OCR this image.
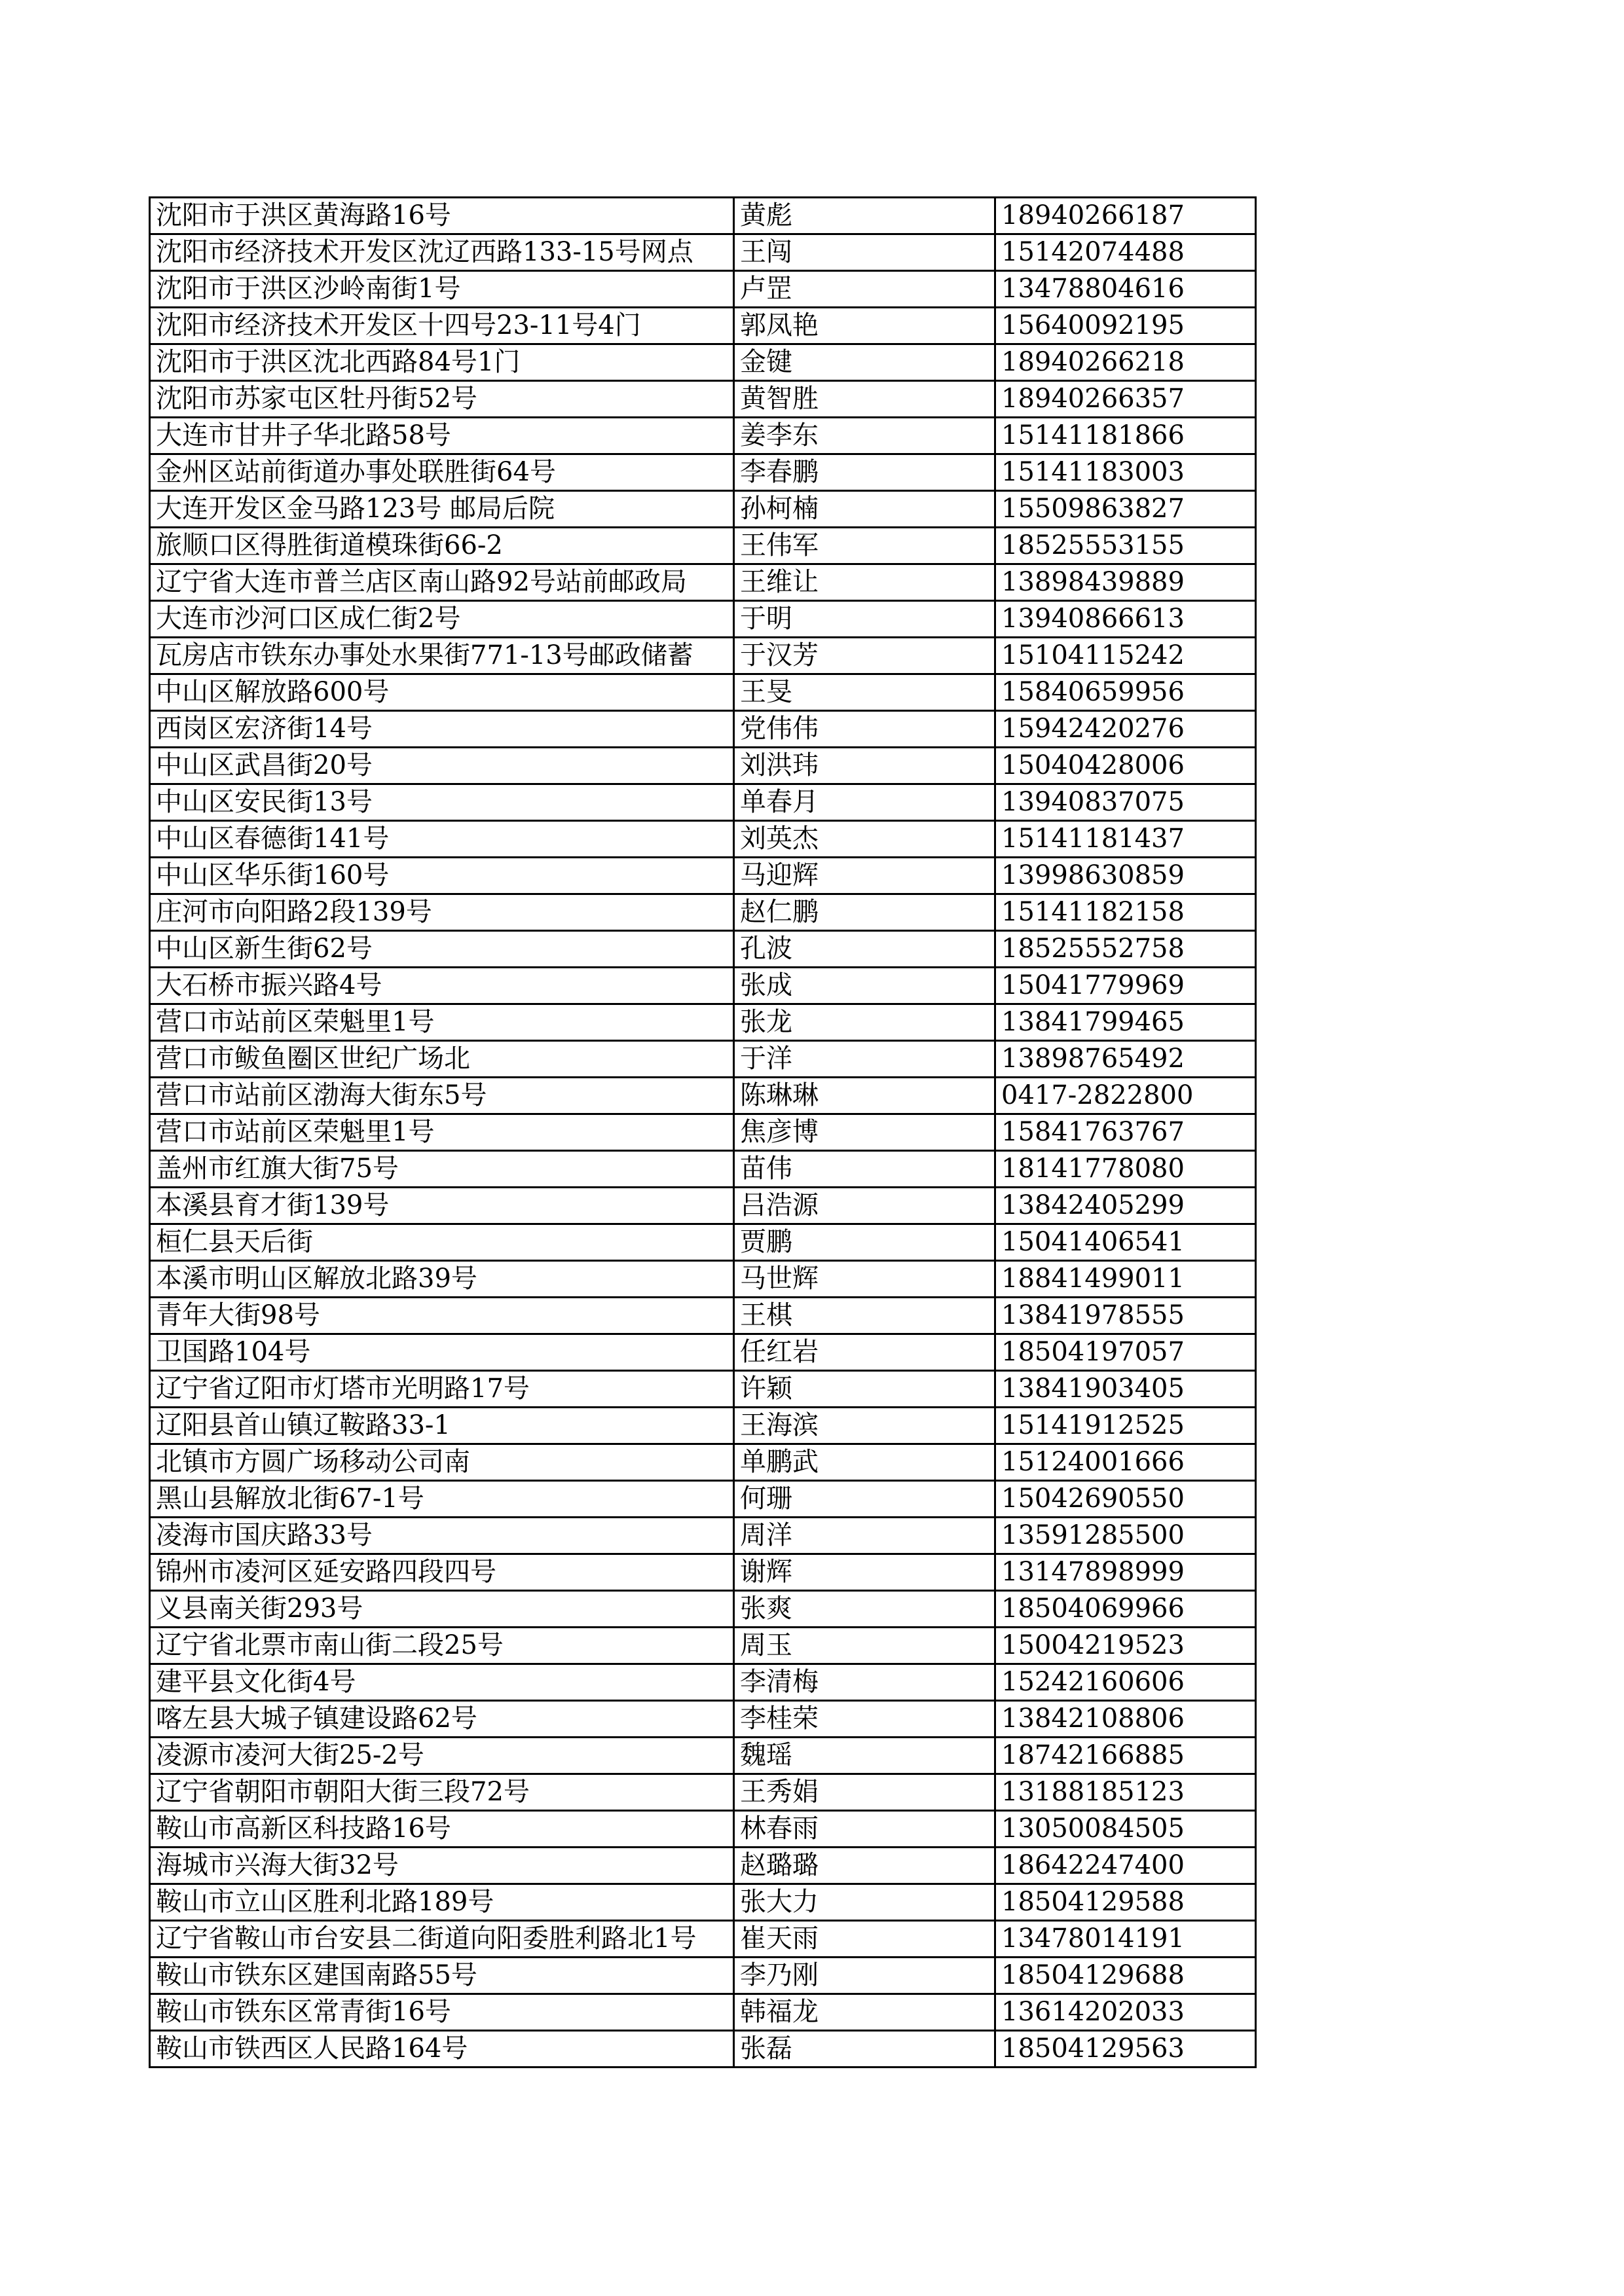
沈阳市于洪区黄海路16号	黄彪	18940266187
沈阳市经济技术开发区沈辽西路133-15号网点	王闯	15142074488
沈阳市于洪区沙岭南街1号	卢罡	13478804616
沈阳市经济技术开发区十四号23-11号4门	郭凤艳	15640092195
沈阳市于洪区沈北西路84号1门	金键	18940266218
沈阳市苏家屯区牡丹街52号	黄智胜	18940266357
大连市甘井子华北路58号	姜李东	15141181866
金州区站前街道办事处联胜街64号	李春鹏	15141183003
大连开发区金马路123号 邮局后院	孙柯楠	15509863827
旅顺口区得胜街道模珠街66-2	王伟军	18525553155
辽宁省大连市普兰店区南山路92号站前邮政局	王维让	13898439889
大连市沙河口区成仁街2号	于明	13940866613
瓦房店市铁东办事处水果街771-13号邮政储蓄	于汉芳	15104115242
中山区解放路600号	王旻	15840659956
西岗区宏济街14号	党伟伟	15942420276
中山区武昌街20号	刘洪玮	15040428006
中山区安民街13号	单春月	13940837075
中山区春德街141号	刘英杰	15141181437
中山区华乐街160号	马迎辉	13998630859
庄河市向阳路2段139号	赵仁鹏	15141182158
中山区新生街62号	孔波	18525552758
大石桥市振兴路4号	张成	15041779969
营口市站前区荣魁里1号	张龙	13841799465
营口市鲅鱼圈区世纪广场北	于洋	13898765492
营口市站前区渤海大街东5号	陈琳琳	0417-2822800
营口市站前区荣魁里1号	焦彦博	15841763767
盖州市红旗大街75号	苗伟	18141778080
本溪县育才街139号	吕浩源	13842405299
桓仁县天后街	贾鹏	15041406541
本溪市明山区解放北路39号	马世辉	18841499011
青年大街98号	王棋	13841978555
卫国路104号	任红岩	18504197057
辽宁省辽阳市灯塔市光明路17号	许颖	13841903405
辽阳县首山镇辽鞍路33-1	王海滨	15141912525
北镇市方圆广场移动公司南	单鹏武	15124001666
黑山县解放北街67-1号	何珊	15042690550
凌海市国庆路33号	周洋	13591285500
锦州市凌河区延安路四段四号	谢辉	13147898999
义县南关街293号	张爽	18504069966
辽宁省北票市南山街二段25号	周玉	15004219523
建平县文化街4号	李清梅	15242160606
喀左县大城子镇建设路62号	李桂荣	13842108806
凌源市凌河大街25-2号	魏瑶	18742166885
辽宁省朝阳市朝阳大街三段72号	王秀娟	13188185123
鞍山市高新区科技路16号	林春雨	13050084505
海城市兴海大街32号	赵璐璐	18642247400
鞍山市立山区胜利北路189号	张大力	18504129588
辽宁省鞍山市台安县二街道向阳委胜利路北1号	崔天雨	13478014191
鞍山市铁东区建国南路55号	李乃刚	18504129688
鞍山市铁东区常青街16号	韩福龙	13614202033
鞍山市铁西区人民路164号	张磊	18504129563
